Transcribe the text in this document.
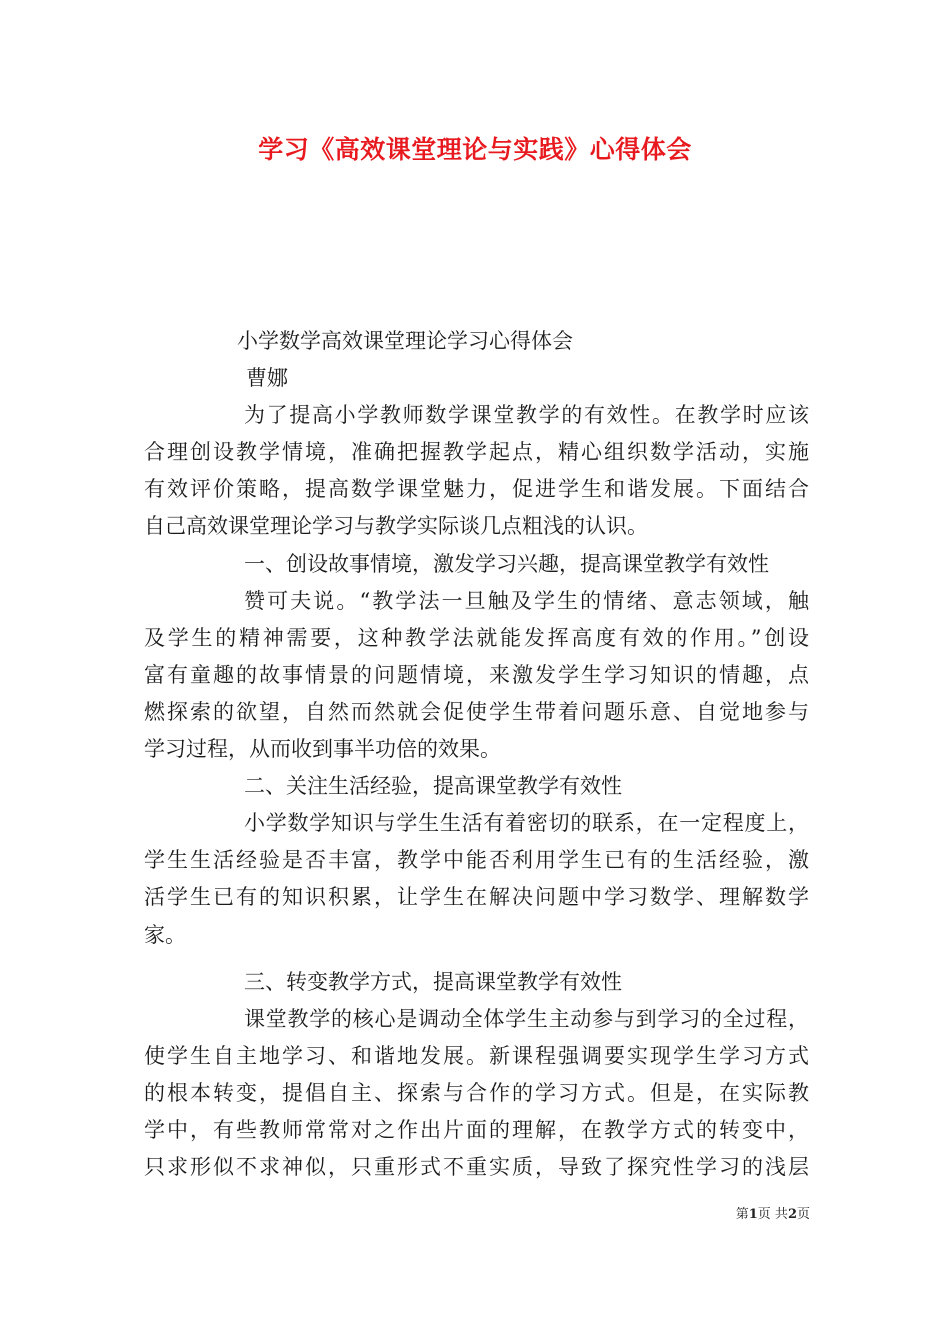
学习《高效课堂理论与实践》心得体会
小学数学高效课堂理论学习心得体会
曹娜
为了提高小学教师数学课堂教学的有效性。在教学时应该
合理创设教学情境，准确把握教学起点，精心组织数学活动，实施
有效评价策略，提高数学课堂魅力，促进学生和谐发展。下面结合
自己高效课堂理论学习与教学实际谈几点粗浅的认识。
一、创设故事情境，激发学习兴趣，提高课堂教学有效性
赞可夫说。“教学法一旦触及学生的情绪、意志领域，触
及学生的精神需要，这种教学法就能发挥高度有效的作用。”创设
富有童趣的故事情景的问题情境，来激发学生学习知识的情趣，点
燃探索的欲望，自然而然就会促使学生带着问题乐意、自觉地参与
学习过程，从而收到事半功倍的效果。
二、关注生活经验，提高课堂教学有效性
小学数学知识与学生生活有着密切的联系，在一定程度上，
学生生活经验是否丰富，教学中能否利用学生已有的生活经验，激
活学生已有的知识积累，让学生在解决问题中学习数学、理解数学
家。
三、转变教学方式，提高课堂教学有效性
课堂教学的核心是调动全体学生主动参与到学习的全过程，
使学生自主地学习、和谐地发展。新课程强调要实现学生学习方式
的根本转变，提倡自主、探索与合作的学习方式。但是，在实际教
学中，有些教师常常对之作出片面的理解，在教学方式的转变中，
只求形似不求神似，只重形式不重实质，导致了探究性学习的浅层
第1页 共2页
